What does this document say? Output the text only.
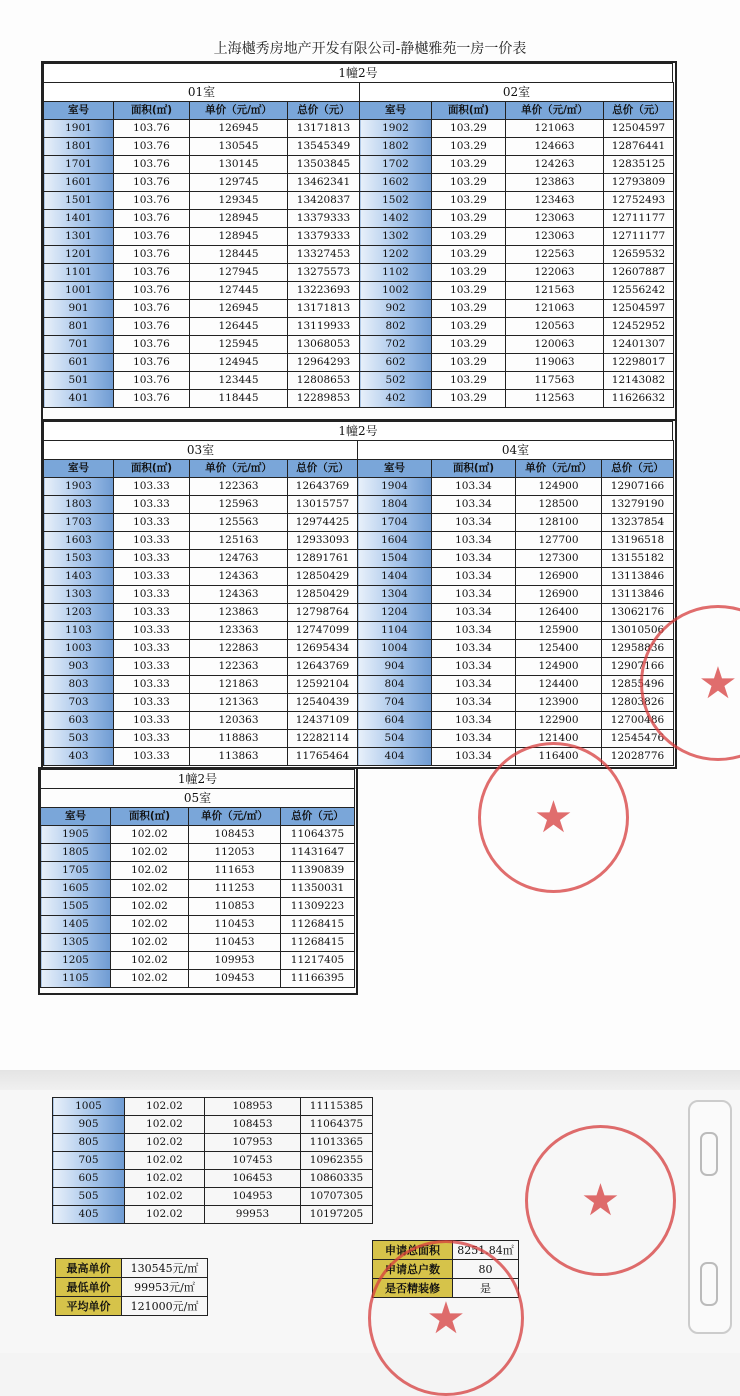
上海樾秀房地产开发有限公司-静樾雅苑一房一价表
1幢2号
01室			
室号	面积(㎡)	单价（元/㎡）	总价（元）
1901	103.76	126945	13171813
1801	103.76	130545	13545349
1701	103.76	130145	13503845
1601	103.76	129745	13462341
1501	103.76	129345	13420837
1401	103.76	128945	13379333
1301	103.76	128945	13379333
1201	103.76	128445	13327453
1101	103.76	127945	13275573
1001	103.76	127445	13223693
901	103.76	126945	13171813
801	103.76	126445	13119933
701	103.76	125945	13068053
601	103.76	124945	12964293
501	103.76	123445	12808653
401	103.76	118445	12289853
02室			
室号	面积(㎡)	单价（元/㎡）	总价（元）
1902	103.29	121063	12504597
1802	103.29	124663	12876441
1702	103.29	124263	12835125
1602	103.29	123863	12793809
1502	103.29	123463	12752493
1402	103.29	123063	12711177
1302	103.29	123063	12711177
1202	103.29	122563	12659532
1102	103.29	122063	12607887
1002	103.29	121563	12556242
902	103.29	121063	12504597
802	103.29	120563	12452952
702	103.29	120063	12401307
602	103.29	119063	12298017
502	103.29	117563	12143082
402	103.29	112563	11626632
1幢2号
03室			
室号	面积(㎡)	单价（元/㎡）	总价（元）
1903	103.33	122363	12643769
1803	103.33	125963	13015757
1703	103.33	125563	12974425
1603	103.33	125163	12933093
1503	103.33	124763	12891761
1403	103.33	124363	12850429
1303	103.33	124363	12850429
1203	103.33	123863	12798764
1103	103.33	123363	12747099
1003	103.33	122863	12695434
903	103.33	122363	12643769
803	103.33	121863	12592104
703	103.33	121363	12540439
603	103.33	120363	12437109
503	103.33	118863	12282114
403	103.33	113863	11765464
04室			
室号	面积(㎡)	单价（元/㎡）	总价（元）
1904	103.34	124900	12907166
1804	103.34	128500	13279190
1704	103.34	128100	13237854
1604	103.34	127700	13196518
1504	103.34	127300	13155182
1404	103.34	126900	13113846
1304	103.34	126900	13113846
1204	103.34	126400	13062176
1104	103.34	125900	13010506
1004	103.34	125400	12958836
904	103.34	124900	12907166
804	103.34	124400	12855496
704	103.34	123900	12803826
604	103.34	122900	12700486
504	103.34	121400	12545476
404	103.34	116400	12028776
1幢2号			
05室			
室号	面积(㎡)	单价（元/㎡）	总价（元）
1905	102.02	108453	11064375
1805	102.02	112053	11431647
1705	102.02	111653	11390839
1605	102.02	111253	11350031
1505	102.02	110853	11309223
1405	102.02	110453	11268415
1305	102.02	110453	11268415
1205	102.02	109953	11217405
1105	102.02	109453	11166395
1005	102.02	108953	11115385
905	102.02	108453	11064375
805	102.02	107953	11013365
705	102.02	107453	10962355
605	102.02	106453	10860335
505	102.02	104953	10707305
405	102.02	99953	10197205
最高单价	130545元/㎡
最低单价	99953元/㎡
平均单价	121000元/㎡
申请总面积	8251.84㎡
申请总户数	80
是否精装修	是
★
★
★
★
